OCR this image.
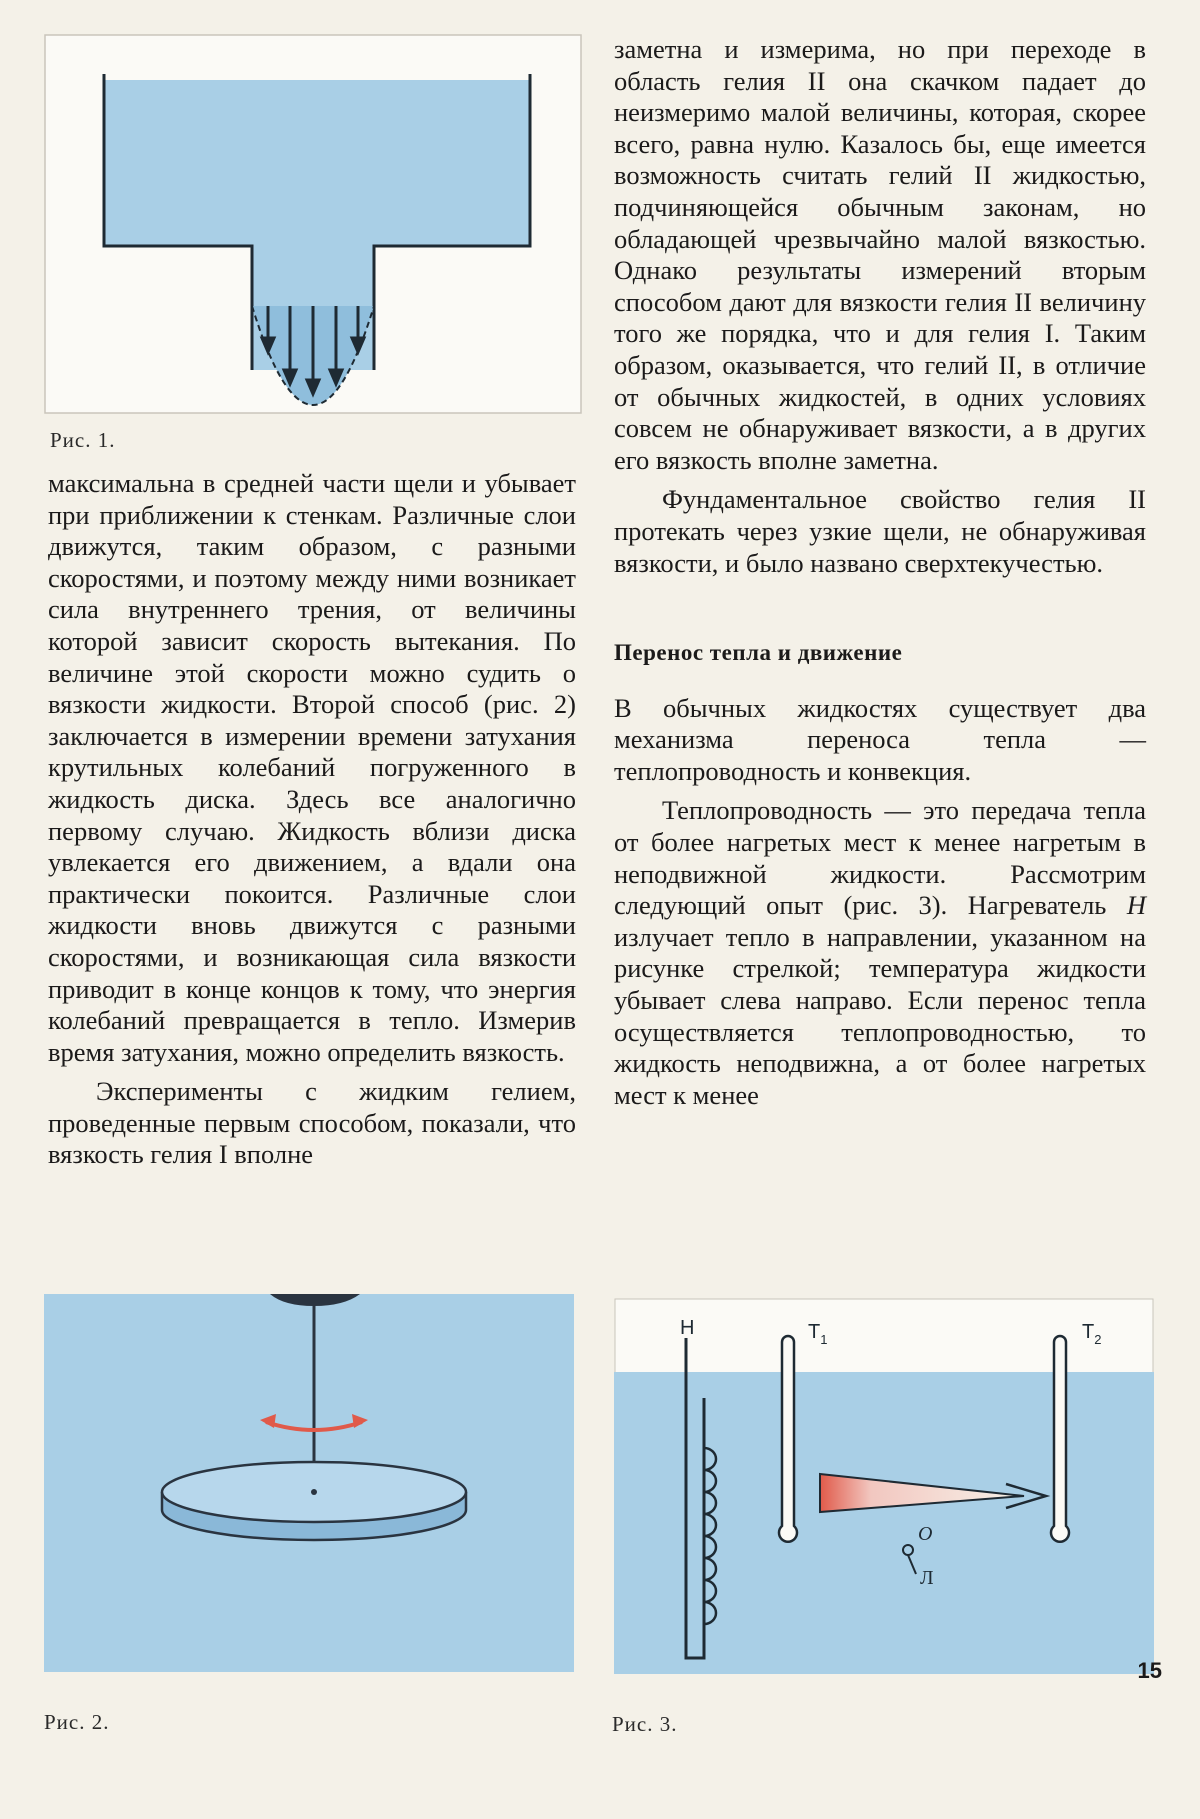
Рис. 1.

максимальна в средней части щели и убывает при приближении к стенкам. Различные слои движутся, таким образом, с разными скоростями, и поэтому между ними возникает сила внутреннего трения, от величины которой зависит скорость вытекания. По величине этой скорости можно судить о вязкости жидкости. Второй способ (рис. 2) заключается в измерении времени затухания крутильных колебаний погруженного в жидкость диска. Здесь все аналогично первому случаю. Жидкость вблизи диска увлекается его движением, а вдали она практически покоится. Различные слои жидкости вновь движутся с разными скоростями, и возникающая сила вязкости приводит в конце концов к тому, что энергия колебаний превращается в тепло. Измерив время затухания, можно определить вязкость.

Эксперименты с жидким гелием, проведенные первым способом, показали, что вязкость гелия I вполне

заметна и измерима, но при переходе в область гелия II она скачком падает до неизмеримо малой величины, которая, скорее всего, равна нулю. Казалось бы, еще имеется возможность считать гелий II жидкостью, подчиняющейся обычным законам, но обладающей чрезвычайно малой вязкостью. Однако результаты измерений вторым способом дают для вязкости гелия II величину того же порядка, что и для гелия I. Таким образом, оказывается, что гелий II, в отличие от обычных жидкостей, в одних условиях совсем не обнаруживает вязкости, а в других его вязкость вполне заметна.

Фундаментальное свойство гелия II протекать через узкие щели, не обнаруживая вязкости, и было названо сверхтекучестью.

Перенос тепла и движение

В обычных жидкостях существует два механизма переноса тепла — теплопроводность и конвекция.

Теплопроводность — это передача тепла от более нагретых мест к менее нагретым в неподвижной жидкости. Рассмотрим следующий опыт (рис. 3). Нагреватель H излучает тепло в направлении, указанном на рисунке стрелкой; температура жидкости убывает слева направо. Если перенос тепла осуществляется теплопроводностью, то жидкость неподвижна, а от более нагретых мест к менее

Рис. 2.
H	$T_1$	$T_2$
O
Л
Рис. 3.
15
